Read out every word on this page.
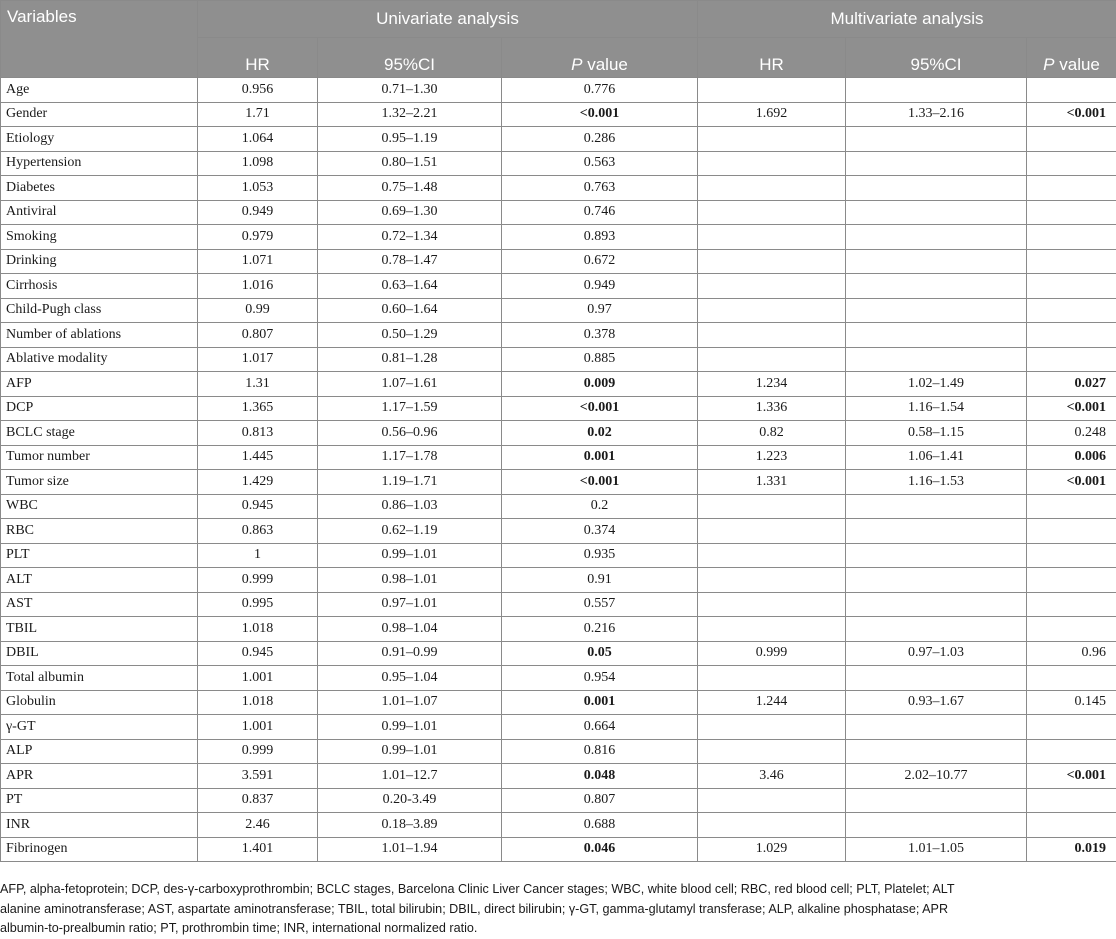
Variables	Univariate analysis			Multivariate analysis		
	HR	95%CI	P value	HR	95%CI	P value
Age	0.956	0.71–1.30	0.776			
Gender	1.71	1.32–2.21	<0.001	1.692	1.33–2.16	<0.001
Etiology	1.064	0.95–1.19	0.286			
Hypertension	1.098	0.80–1.51	0.563			
Diabetes	1.053	0.75–1.48	0.763			
Antiviral	0.949	0.69–1.30	0.746			
Smoking	0.979	0.72–1.34	0.893			
Drinking	1.071	0.78–1.47	0.672			
Cirrhosis	1.016	0.63–1.64	0.949			
Child-Pugh class	0.99	0.60–1.64	0.97			
Number of ablations	0.807	0.50–1.29	0.378			
Ablative modality	1.017	0.81–1.28	0.885			
AFP	1.31	1.07–1.61	0.009	1.234	1.02–1.49	0.027
DCP	1.365	1.17–1.59	<0.001	1.336	1.16–1.54	<0.001
BCLC stage	0.813	0.56–0.96	0.02	0.82	0.58–1.15	0.248
Tumor number	1.445	1.17–1.78	0.001	1.223	1.06–1.41	0.006
Tumor size	1.429	1.19–1.71	<0.001	1.331	1.16–1.53	<0.001
WBC	0.945	0.86–1.03	0.2			
RBC	0.863	0.62–1.19	0.374			
PLT	1	0.99–1.01	0.935			
ALT	0.999	0.98–1.01	0.91			
AST	0.995	0.97–1.01	0.557			
TBIL	1.018	0.98–1.04	0.216			
DBIL	0.945	0.91–0.99	0.05	0.999	0.97–1.03	0.96
Total albumin	1.001	0.95–1.04	0.954			
Globulin	1.018	1.01–1.07	0.001	1.244	0.93–1.67	0.145
γ-GT	1.001	0.99–1.01	0.664			
ALP	0.999	0.99–1.01	0.816			
APR	3.591	1.01–12.7	0.048	3.46	2.02–10.77	<0.001
PT	0.837	0.20-3.49	0.807			
INR	2.46	0.18–3.89	0.688			
Fibrinogen	1.401	1.01–1.94	0.046	1.029	1.01–1.05	0.019
AFP, alpha-fetoprotein; DCP, des-γ-carboxyprothrombin; BCLC stages, Barcelona Clinic Liver Cancer stages; WBC, white blood cell; RBC, red blood cell; PLT, Platelet; ALT
alanine aminotransferase; AST, aspartate aminotransferase; TBIL, total bilirubin; DBIL, direct bilirubin; γ-GT, gamma-glutamyl transferase; ALP, alkaline phosphatase; APR
albumin-to-prealbumin ratio; PT, prothrombin time; INR, international normalized ratio.
